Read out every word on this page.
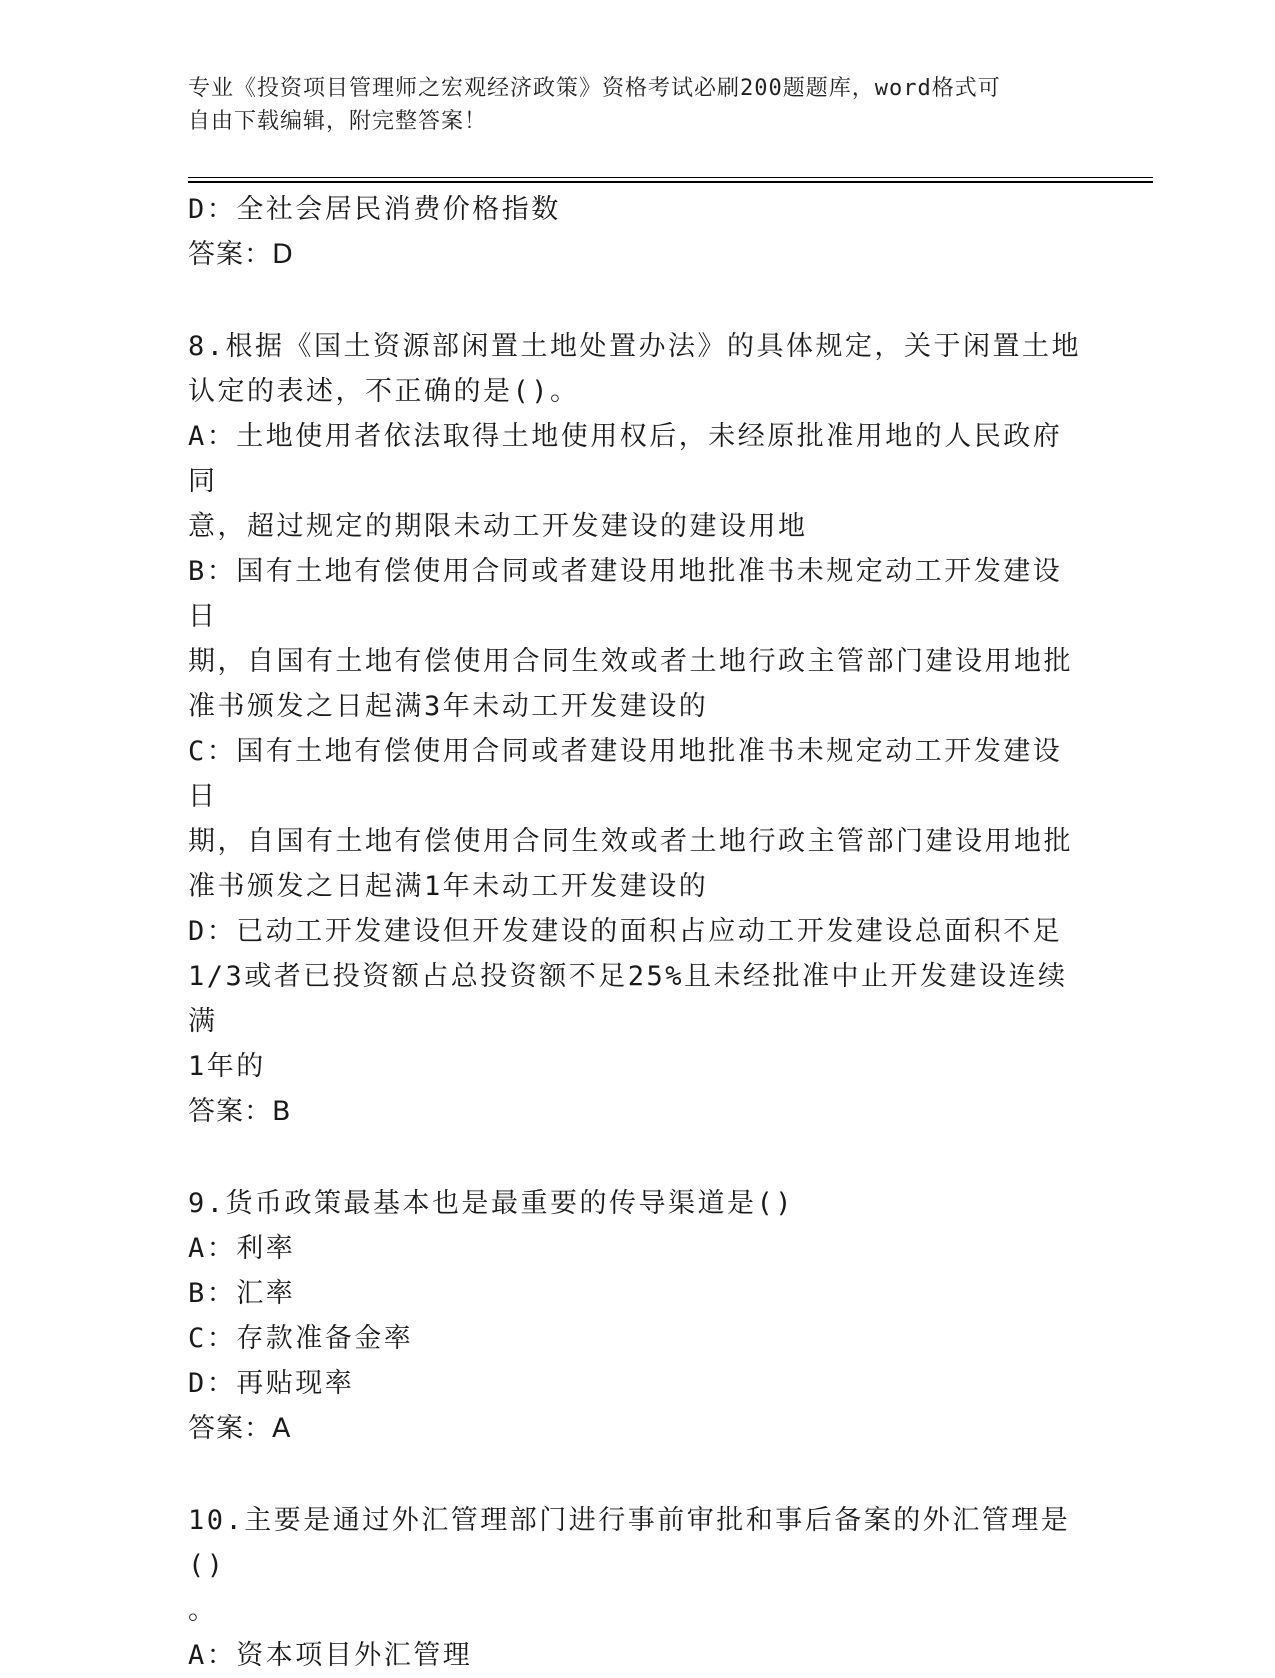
专业《投资项目管理师之宏观经济政策》资格考试必刷200题题库，word格式可

自由下载编辑，附完整答案！

D：全社会居民消费价格指数

答案：D

8.根据《国土资源部闲置土地处置办法》的具体规定，关于闲置土地

认定的表述，不正确的是()。

A：土地使用者依法取得土地使用权后，未经原批准用地的人民政府同

意，超过规定的期限未动工开发建设的建设用地

B：国有土地有偿使用合同或者建设用地批准书未规定动工开发建设日

期，自国有土地有偿使用合同生效或者土地行政主管部门建设用地批

准书颁发之日起满3年未动工开发建设的

C：国有土地有偿使用合同或者建设用地批准书未规定动工开发建设日

期，自国有土地有偿使用合同生效或者土地行政主管部门建设用地批

准书颁发之日起满1年未动工开发建设的

D：已动工开发建设但开发建设的面积占应动工开发建设总面积不足

1/3或者已投资额占总投资额不足25%且未经批准中止开发建设连续满

1年的

答案：B

9.货币政策最基本也是最重要的传导渠道是()

A：利率

B：汇率

C：存款准备金率

D：再贴现率

答案：A

10.主要是通过外汇管理部门进行事前审批和事后备案的外汇管理是()

。

A：资本项目外汇管理
